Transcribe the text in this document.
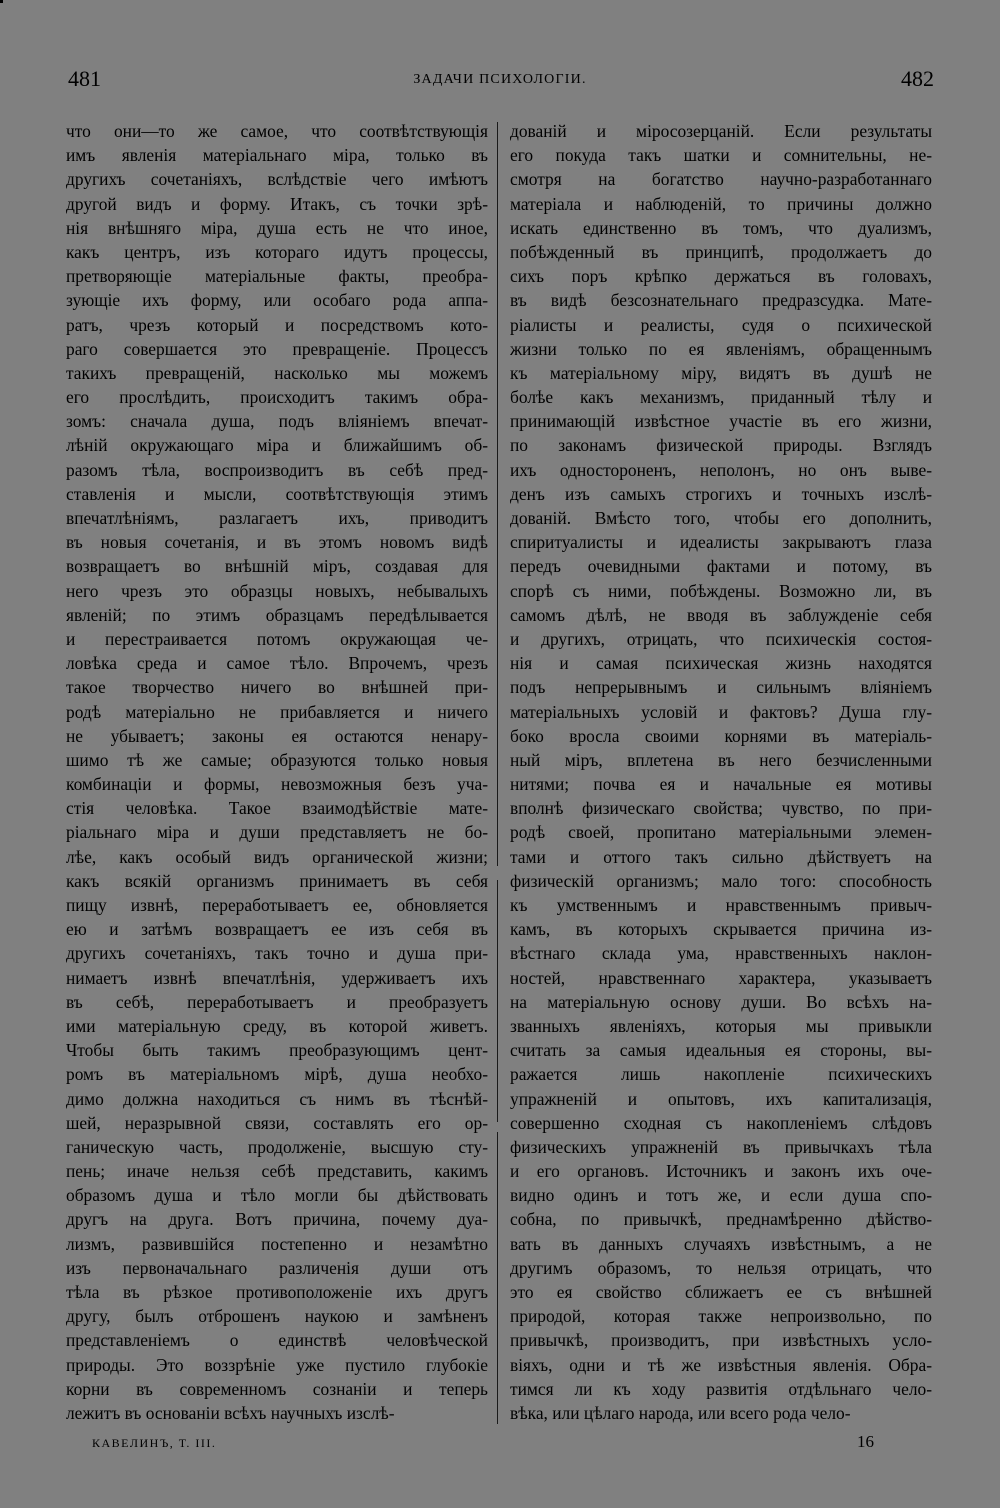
481	ЗАДАЧИ ПСИХОЛОГІИ.	482
что они—то же самое, что соотвѣтствующія
имъ явленія матеріальнаго міра, только въ
другихъ сочетаніяхъ, вслѣдствіе чего имѣютъ
другой видъ и форму. Итакъ, съ точки зрѣ-
нія внѣшняго міра, душа есть не что иное,
какъ центръ, изъ котораго идутъ процессы,
претворяющіе матеріальные факты, преобра-
зующіе ихъ форму, или особаго рода аппа-
ратъ, чрезъ который и посредствомъ кото-
раго совершается это превращеніе. Процессъ
такихъ превращеній, насколько мы можемъ
его прослѣдить, происходитъ такимъ обра-
зомъ: сначала душа, подъ вліяніемъ впечат-
лѣній окружающаго міра и ближайшимъ об-
разомъ тѣла, воспроизводитъ въ себѣ пред-
ставленія и мысли, соотвѣтствующія этимъ
впечатлѣніямъ, разлагаетъ ихъ, приводитъ
въ новыя сочетанія, и въ этомъ новомъ видѣ
возвращаетъ во внѣшній міръ, создавая для
него чрезъ это образцы новыхъ, небывалыхъ
явленій; по этимъ образцамъ передѣлывается
и перестраивается потомъ окружающая че-
ловѣка среда и самое тѣло. Впрочемъ, чрезъ
такое творчество ничего во внѣшней при-
родѣ матеріально не прибавляется и ничего
не убываетъ; законы ея остаются ненару-
шимо тѣ же самые; образуются только новыя
комбинаціи и формы, невозможныя безъ уча-
стія человѣка. Такое взаимодѣйствіе мате-
ріальнаго міра и души представляетъ не бо-
лѣе, какъ особый видъ органической жизни;
какъ всякій организмъ принимаетъ въ себя
пищу извнѣ, переработываетъ ее, обновляется
ею и затѣмъ возвращаетъ ее изъ себя въ
другихъ сочетаніяхъ, такъ точно и душа при-
нимаетъ извнѣ впечатлѣнія, удерживаетъ ихъ
въ себѣ, переработываетъ и преобразуетъ
ими матеріальную среду, въ которой живетъ.
Чтобы быть такимъ преобразующимъ цент-
ромъ въ матеріальномъ мірѣ, душа необхо-
димо должна находиться съ нимъ въ тѣснѣй-
шей, неразрывной связи, составлять его ор-
ганическую часть, продолженіе, высшую сту-
пень; иначе нельзя себѣ представить, какимъ
образомъ душа и тѣло могли бы дѣйствовать
другъ на друга. Вотъ причина, почему дуа-
лизмъ, развившійся постепенно и незамѣтно
изъ первоначальнаго различенія души отъ
тѣла въ рѣзкое противоположеніе ихъ другъ
другу, былъ отброшенъ наукою и замѣненъ
представленіемъ о единствѣ человѣческой
природы. Это воззрѣніе уже пустило глубокіе
корни въ современномъ сознаніи и теперь
лежитъ въ основаніи всѣхъ научныхъ изслѣ-
дованій и міросозерцаній. Если результаты
его покуда такъ шатки и сомнительны, не-
смотря на богатство научно-разработаннаго
матеріала и наблюденій, то причины должно
искать единственно въ томъ, что дуализмъ,
побѣжденный въ принципѣ, продолжаетъ до
сихъ поръ крѣпко держаться въ головахъ,
въ видѣ безсознательнаго предразсудка. Мате-
ріалисты и реалисты, судя о психической
жизни только по ея явленіямъ, обращеннымъ
къ матеріальному міру, видятъ въ душѣ не
болѣе какъ механизмъ, приданный тѣлу и
принимающій извѣстное участіе въ его жизни,
по законамъ физической природы. Взглядъ
ихъ одностороненъ, неполонъ, но онъ выве-
денъ изъ самыхъ строгихъ и точныхъ изслѣ-
дованій. Вмѣсто того, чтобы его дополнить,
спиритуалисты и идеалисты закрываютъ глаза
передъ очевидными фактами и потому, въ
спорѣ съ ними, побѣждены. Возможно ли, въ
самомъ дѣлѣ, не вводя въ заблужденіе себя
и другихъ, отрицать, что психическія состоя-
нія и самая психическая жизнь находятся
подъ непрерывнымъ и сильнымъ вліяніемъ
матеріальныхъ условій и фактовъ? Душа глу-
боко вросла своими корнями въ матеріаль-
ный міръ, вплетена въ него безчисленными
нитями; почва ея и начальные ея мотивы
вполнѣ физическаго свойства; чувство, по при-
родѣ своей, пропитано матеріальными элемен-
тами и оттого такъ сильно дѣйствуетъ на
физическій организмъ; мало того: способность
къ умственнымъ и нравственнымъ привыч-
камъ, въ которыхъ скрывается причина из-
вѣстнаго склада ума, нравственныхъ наклон-
ностей, нравственнаго характера, указываетъ
на матеріальную основу души. Во всѣхъ на-
званныхъ явленіяхъ, которыя мы привыкли
считать за самыя идеальныя ея стороны, вы-
ражается лишь накопленіе психическихъ
упражненій и опытовъ, ихъ капитализація,
совершенно сходная съ накопленіемъ слѣдовъ
физическихъ упражненій въ привычкахъ тѣла
и его органовъ. Источникъ и законъ ихъ оче-
видно одинъ и тотъ же, и если душа спо-
собна, по привычкѣ, преднамѣренно дѣйство-
вать въ данныхъ случаяхъ извѣстнымъ, а не
другимъ образомъ, то нельзя отрицать, что
это ея свойство сближаетъ ее съ внѣшней
природой, которая также непроизвольно, по
привычкѣ, производитъ, при извѣстныхъ усло-
віяхъ, одни и тѣ же извѣстныя явленія. Обра-
тимся ли къ ходу развитія отдѣльнаго чело-
вѣка, или цѣлаго народа, или всего рода чело-
КАВЕЛИНЪ, Т. III.	16
